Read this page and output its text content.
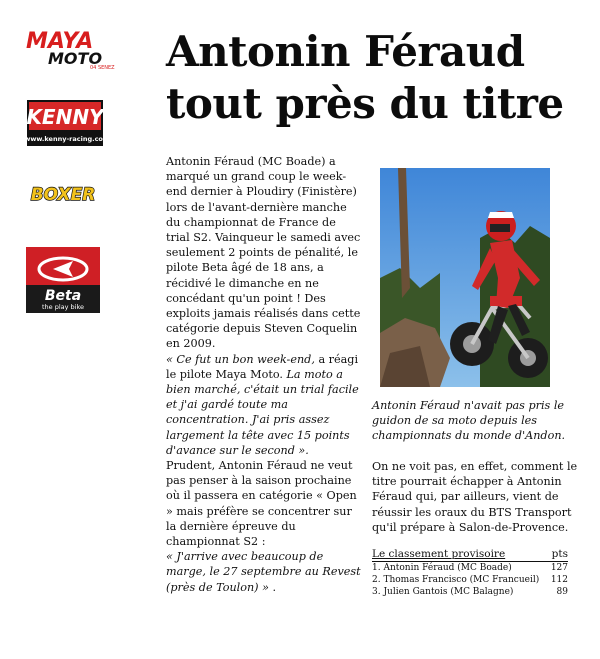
MAYA
MOTO
04 SENEZ
KENNY
www.kenny-racing.com
BOXER
Beta
the play bike
Antonin Féraud
tout près du titre

Antonin Féraud (MC Boade) a marqué un grand coup le week-end dernier à Ploudiry (Finistère) lors de l'avant-dernière manche du championnat de France de trial S2. Vainqueur le samedi avec seulement 2 points de pénalité, le pilote Beta âgé de 18 ans, a récidivé le dimanche en ne concédant qu'un point ! Des exploits jamais réalisés dans cette catégorie depuis Steven Coquelin en 2009.

« Ce fut un bon week-end, a réagi le pilote Maya Moto. La moto a bien marché, c'était un trial facile et j'ai gardé toute ma concentration. J'ai pris assez largement la tête avec 15 points d'avance sur le second ».

Prudent, Antonin Féraud ne veut pas penser à la saison prochaine où il passera en catégorie « Open » mais préfère se concentrer sur la dernière épreuve du championnat S2 :

« J'arrive avec beaucoup de marge, le 27 septembre au Revest (près de Toulon) » .

Antonin Féraud n'avait pas pris le guidon de sa moto depuis les championnats du monde d'Andon.

On ne voit pas, en effet, comment le titre pourrait échapper à Antonin Féraud qui, par ailleurs, vient de réussir les oraux du BTS Transport qu'il prépare à Salon-de-Provence.

Le classement provisoire	pts
1. Antonin Féraud (MC Boade)	127
2. Thomas Francisco (MC Francueil) 112
3. Julien Gantois (MC Balagne)	89
